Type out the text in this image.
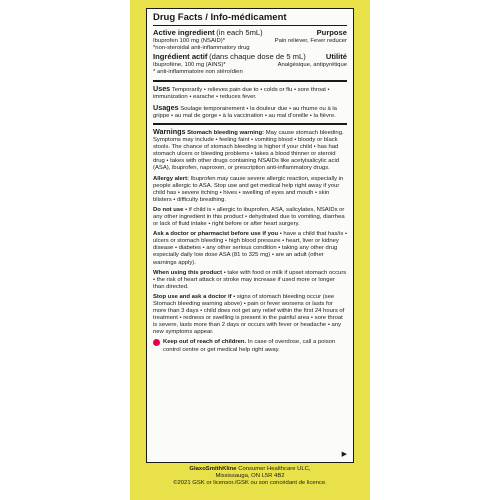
Drug Facts / Info-médicament
Active ingredient (in each 5mL)	Purpose
Ibuprofen 100 mg (NSAID)*	Pain reliever, Fever reducer
*non-steroidal anti-inflammatory drug
Ingrédient actif (dans chaque dose de 5 mL)	Utilité
Ibuprofène, 100 mg (AINS)*	Analgésique, antipyrétique
* anti-inflammatoire non stéroïdien

Uses Temporarily • relieves pain due to • colds or flu • sore throat • immunization • earache • reduces fever.

Usages Soulage temporairement • la douleur due • au rhume ou à la grippe • au mal de gorge • à la vaccination • au mal d’oreille • la fièvre.

Warnings Stomach bleeding warning: May cause stomach bleeding. Symptoms may include • feeling faint • vomiting blood • bloody or black stools. The chance of stomach bleeding is higher if your child • has had stomach ulcers or bleeding problems • takes a blood thinner or steroid drug • takes with other drugs containing NSAIDs like acetylsalicylic acid (ASA), ibuprofen, naproxen, or prescription anti-inflammatory drugs.

Allergy alert: Ibuprofen may cause severe allergic reaction, especially in people allergic to ASA. Stop use and get medical help right away if your child has • severe itching • hives • swelling of eyes and mouth • skin blisters • difficulty breathing.

Do not use • if child is • allergic to ibuprofen, ASA, salicylates, NSAIDs or any other ingredient in this product • dehydrated due to vomiting, diarrhea or lack of fluid intake • right before or after heart surgery.

Ask a doctor or pharmacist before use if you • have a child that has/is • ulcers or stomach bleeding • high blood pressure • heart, liver or kidney disease • diabetes • any other serious condition • taking any other drug especially daily low dose ASA (81 to 325 mg) • are an adult (other warnings apply).

When using this product • take with food or milk if upset stomach occurs • the risk of heart attack or stroke may increase if used more or longer than directed.

Stop use and ask a doctor if • signs of stomach bleeding occur (see Stomach bleeding warning above) • pain or fever worsens or lasts for more than 3 days • child does not get any relief within the first 24 hours of treatment • redness or swelling is present in the painful area • sore throat is severe, lasts more than 2 days or occurs with fever or headache • any new symptoms appear.

Keep out of reach of children. In case of overdose, call a poison control centre or get medical help right away.
▶
GlaxoSmithKline Consumer Healthcare ULC,
Mississauga, ON L5R 4B2
©2021 GSK or licensor./GSK ou son concédant de licence.
